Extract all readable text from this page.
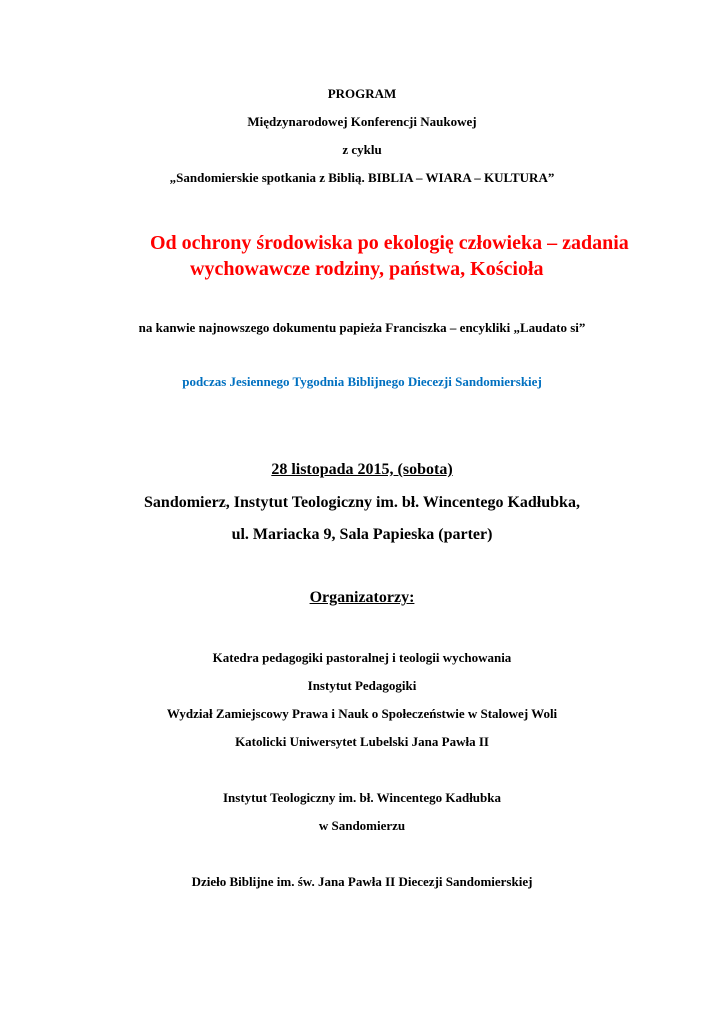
PROGRAM
Międzynarodowej Konferencji Naukowej
z cyklu
„Sandomierskie spotkania z Biblią. BIBLIA – WIARA – KULTURA”
Od ochrony środowiska po ekologię człowieka – zadania
wychowawcze rodziny, państwa, Kościoła
na kanwie najnowszego dokumentu papieża Franciszka – encykliki „Laudato si”
podczas Jesiennego Tygodnia Biblijnego Diecezji Sandomierskiej
28 listopada 2015, (sobota)
Sandomierz, Instytut Teologiczny im. bł. Wincentego Kadłubka,
ul. Mariacka 9, Sala Papieska (parter)
Organizatorzy:
Katedra pedagogiki pastoralnej i teologii wychowania
Instytut Pedagogiki
Wydział Zamiejscowy Prawa i Nauk o Społeczeństwie w Stalowej Woli
Katolicki Uniwersytet Lubelski Jana Pawła II
Instytut Teologiczny im. bł. Wincentego Kadłubka
w Sandomierzu
Dzieło Biblijne im. św. Jana Pawła II Diecezji Sandomierskiej
